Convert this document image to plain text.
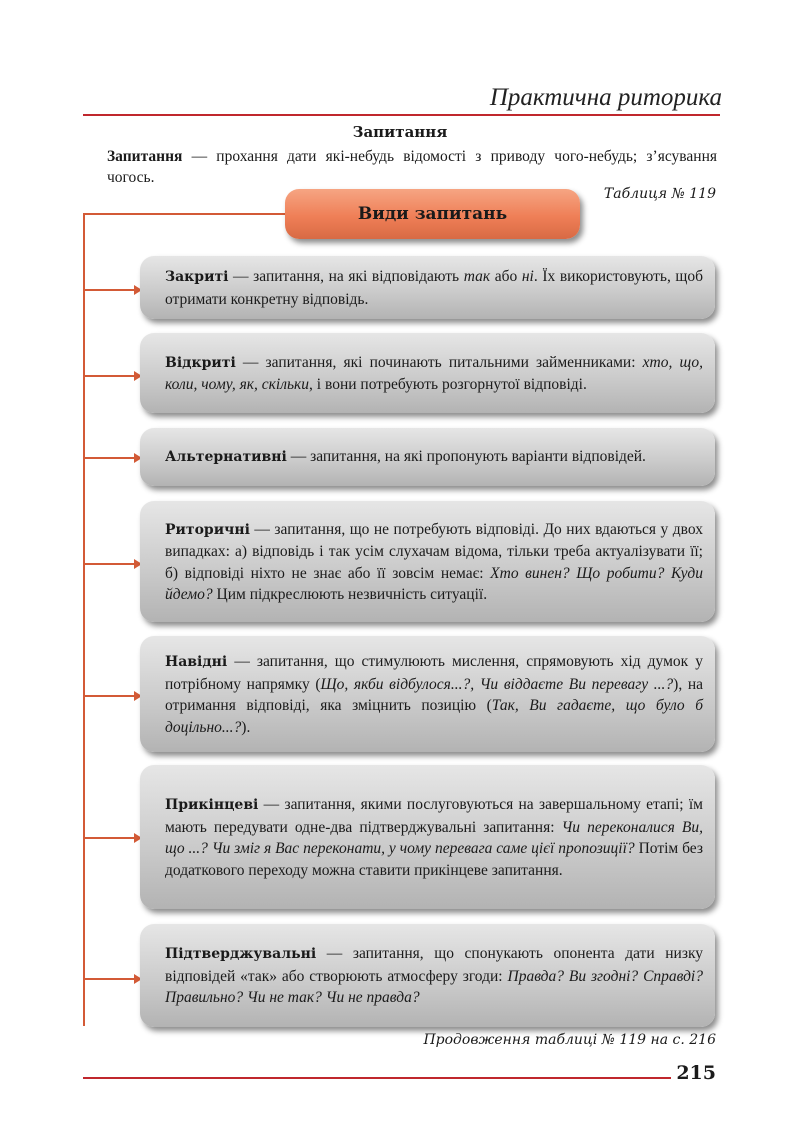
Практична риторика
Запитання
Запитання — прохання дати які-небудь відомості з приводу чого-небудь; з’ясування чогось.
Таблиця № 119
Види запитань

Закриті — запитання, на які відповідають так або ні. Їх використовують, щоб отримати конкретну відповідь.

Відкриті — запитання, які починають питальними займенниками: хто, що, коли, чому, як, скільки, і вони потребують розгорнутої відповіді.

Альтернативні — запитання, на які пропонують варіанти відповідей.

Риторичні — запитання, що не потребують відповіді. До них вдаються у двох випадках: а) відповідь і так усім слухачам відома, тільки треба актуалізувати її; б) відповіді ніхто не знає або її зовсім немає: Хто винен? Що робити? Куди йдемо? Цим підкреслюють незвичність ситуації.

Навідні — запитання, що стимулюють мислення, спрямовують хід думок у потрібному напрямку (Що, якби відбулося...?, Чи віддаєте Ви перевагу ...?), на отримання відповіді, яка зміцнить позицію (Так, Ви гадаєте, що було б доцільно...?).

Прикінцеві — запитання, якими послуговуються на завершальному етапі; їм мають передувати одне-два підтверджувальні запитання: Чи переконалися Ви, що ...? Чи зміг я Вас переконати, у чому перевага саме цієї пропозиції? Потім без додаткового переходу можна ставити прикінцеве запитання.

Підтверджувальні — запитання, що спонукають опонента дати низку відповідей «так» або створюють атмосферу згоди: Правда? Ви згодні? Справді? Правильно? Чи не так? Чи не правда?

Продовження таблиці № 119 на с. 216
215
